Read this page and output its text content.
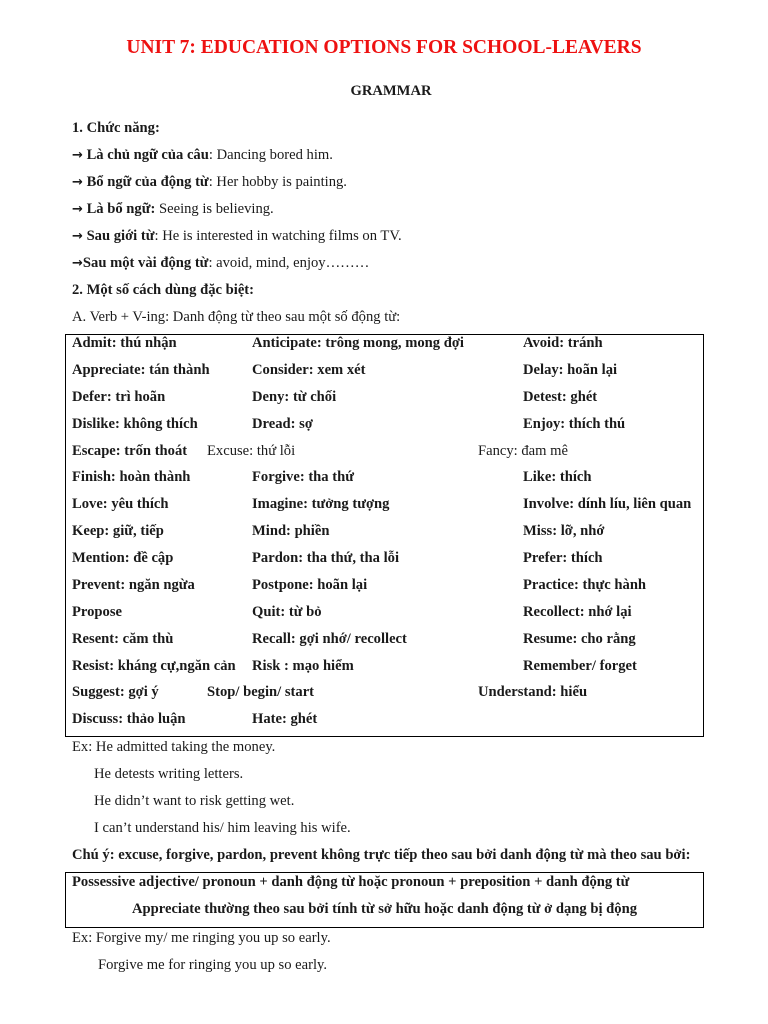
UNIT 7: EDUCATION OPTIONS FOR SCHOOL-LEAVERS
GRAMMAR
1. Chức năng:
→ Là chủ ngữ của câu: Dancing bored him.
→ Bổ ngữ của động từ: Her hobby is painting.
→ Là bổ ngữ: Seeing is believing.
→ Sau giới từ: He is interested in watching films on TV.
→Sau một vài động từ: avoid, mind, enjoy………
2. Một số cách dùng đặc biệt:
A. Verb + V-ing: Danh động từ theo sau một số động từ:
Admit: thú nhận	Anticipate: trông mong, mong đợi	Avoid: tránh
Appreciate: tán thành	Consider: xem xét	Delay: hoãn lại
Defer: trì hoãn	Deny: từ chối	Detest: ghét
Dislike: không thích	Dread: sợ	Enjoy: thích thú
Escape: trốn thoát Excuse: thứ lỗi	Fancy: đam mê
Finish: hoàn thành	Forgive: tha thứ	Like: thích
Love: yêu thích	Imagine: tưởng tượng	Involve: dính líu, liên quan
Keep: giữ, tiếp	Mind: phiền	Miss: lỡ, nhớ
Mention: đề cập	Pardon: tha thứ, tha lỗi	Prefer: thích
Prevent: ngăn ngừa	Postpone: hoãn lại	Practice: thực hành
Propose	Quit: từ bỏ	Recollect: nhớ lại
Resent: căm thù	Recall: gợi nhớ/ recollect	Resume: cho rằng
Resist: kháng cự,ngăn cản Risk : mạo hiểm	Remember/ forget
Suggest: gợi ý	Stop/ begin/ start	Understand: hiểu
Discuss: thảo luận	Hate: ghét
Ex: He admitted taking the money.
He detests writing letters.
He didn’t want to risk getting wet.
I can’t understand his/ him leaving his wife.
Chú ý: excuse, forgive, pardon, prevent không trực tiếp theo sau bởi danh động từ mà theo sau bởi:
Possessive adjective/ pronoun + danh động từ hoặc pronoun + preposition + danh động từ
Appreciate thường theo sau bởi tính từ sở hữu hoặc danh động từ ở dạng bị động
Ex: Forgive my/ me ringing you up so early.
Forgive me for ringing you up so early.
